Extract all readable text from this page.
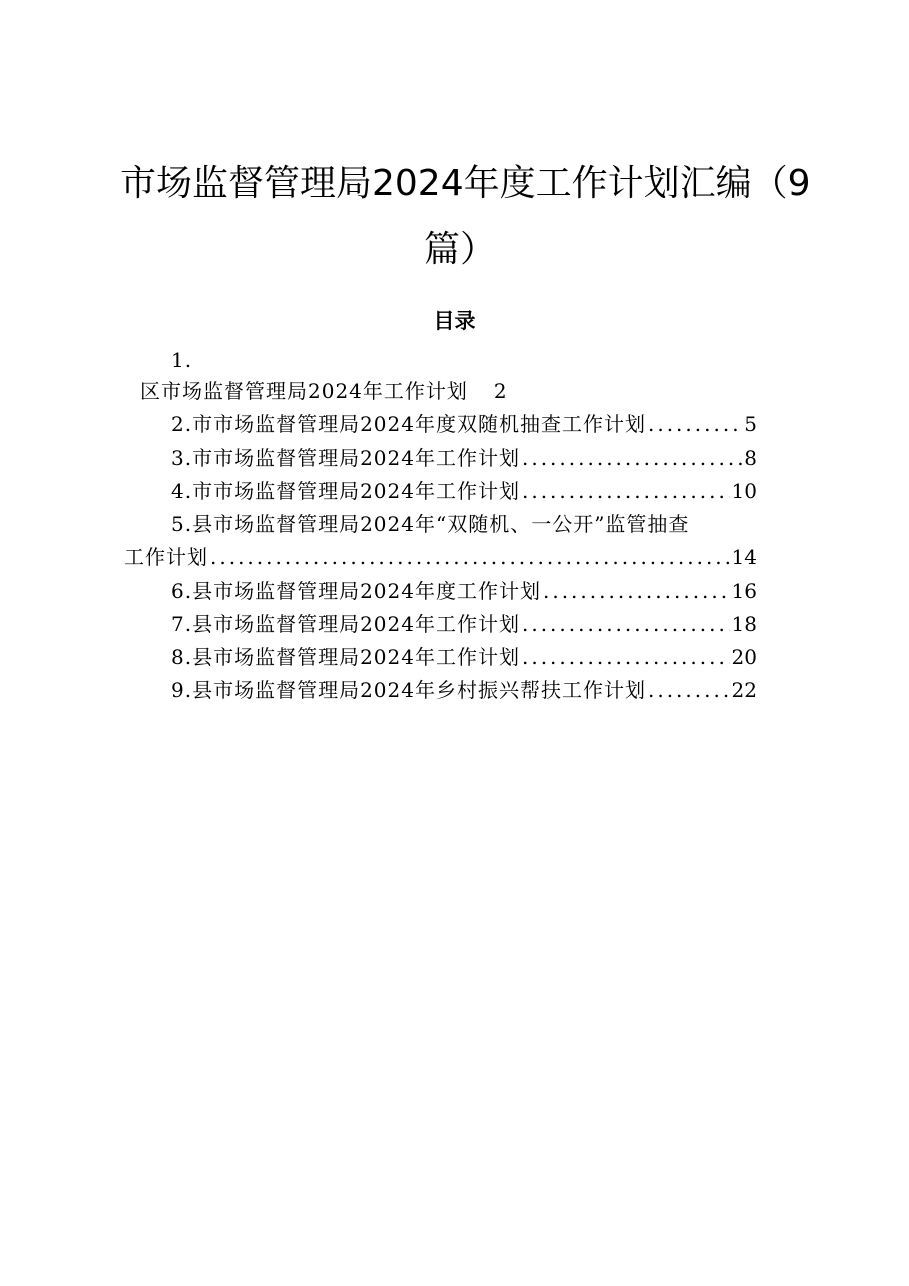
市场监督管理局2024年度工作计划汇编（9
篇）
目录
1.
区市场监督管理局2024年工作计划 2
2.市市场监督管理局2024年度双随机抽查工作计划 .....	5
3.市市场监督管理局2024年工作计划 .....	8
4.市市场监督管理局2024年工作计划 .....	10
5.县市场监督管理局2024年“双随机、一公开”监管抽查
工作计划 .....	14
6.县市场监督管理局2024年度工作计划 .....	16
7.县市场监督管理局2024年工作计划 .....	18
8.县市场监督管理局2024年工作计划 .....	20
9.县市场监督管理局2024年乡村振兴帮扶工作计划 .....	22
